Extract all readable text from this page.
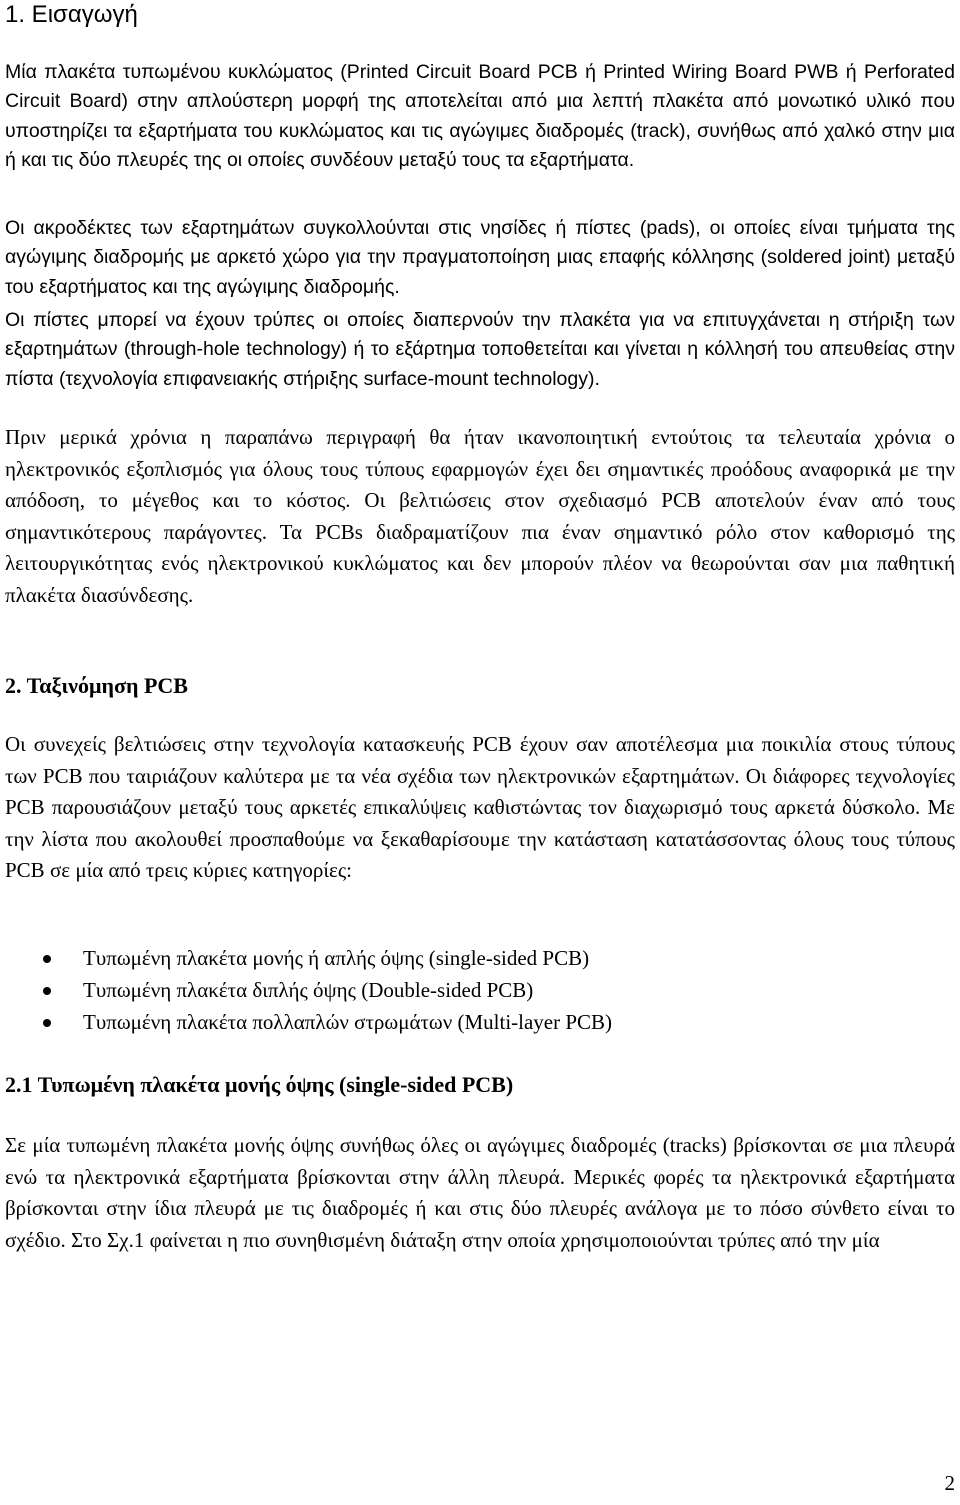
1. Εισαγωγή

Μία πλακέτα τυπωμένου κυκλώματος (Printed Circuit Board PCB ή Printed Wiring Board PWB ή Perforated Circuit Board) στην απλούστερη μορφή της αποτελείται από μια λεπτή πλακέτα από μονωτικό υλικό που υποστηρίζει τα εξαρτήματα του κυκλώματος και τις αγώγιμες διαδρομές (track), συνήθως από χαλκό στην μια ή και τις δύο πλευρές της οι οποίες συνδέουν μεταξύ τους τα εξαρτήματα.

Οι ακροδέκτες των εξαρτημάτων συγκολλούνται στις νησίδες ή πίστες (pads), οι οποίες είναι τμήματα της αγώγιμης διαδρομής με αρκετό χώρο για την πραγματοποίηση μιας επαφής κόλλησης (soldered joint) μεταξύ του εξαρτήματος και της αγώγιμης διαδρομής.

Οι πίστες μπορεί να έχουν τρύπες οι οποίες διαπερνούν την πλακέτα για να επιτυγχάνεται η στήριξη των εξαρτημάτων (through-hole technology) ή το εξάρτημα τοποθετείται και γίνεται η κόλλησή του απευθείας στην πίστα (τεχνολογία επιφανειακής στήριξης surface-mount technology).

Πριν μερικά χρόνια η παραπάνω περιγραφή θα ήταν ικανοποιητική εντούτοις τα τελευταία χρόνια ο ηλεκτρονικός εξοπλισμός για όλους τους τύπους εφαρμογών έχει δει σημαντικές προόδους αναφορικά με την απόδοση, το μέγεθος και το κόστος. Οι βελτιώσεις στον σχεδιασμό PCB αποτελούν έναν από τους σημαντικότερους παράγοντες. Τα PCBs διαδραματίζουν πια έναν σημαντικό ρόλο στον καθορισμό της λειτουργικότητας ενός ηλεκτρονικού κυκλώματος και δεν μπορούν πλέον να θεωρούνται σαν μια παθητική πλακέτα διασύνδεσης.

2. Ταξινόμηση PCB

Οι συνεχείς βελτιώσεις στην τεχνολογία κατασκευής PCB έχουν σαν αποτέλεσμα μια ποικιλία στους τύπους των PCB που ταιριάζουν καλύτερα με τα νέα σχέδια των ηλεκτρονικών εξαρτημάτων. Οι διάφορες τεχνολογίες PCB παρουσιάζουν μεταξύ τους αρκετές επικαλύψεις καθιστώντας τον διαχωρισμό τους αρκετά δύσκολο. Με την λίστα που ακολουθεί προσπαθούμε να ξεκαθαρίσουμε την κατάσταση κατατάσσοντας όλους τους τύπους PCB σε μία από τρεις κύριες κατηγορίες:

Τυπωμένη πλακέτα μονής ή απλής όψης (single-sided PCB)
Τυπωμένη πλακέτα διπλής όψης (Double-sided PCB)
Τυπωμένη πλακέτα πολλαπλών στρωμάτων (Multi-layer PCB)
2.1 Τυπωμένη πλακέτα μονής όψης (single-sided PCB)

Σε μία τυπωμένη πλακέτα μονής όψης συνήθως όλες οι αγώγιμες διαδρομές (tracks) βρίσκονται σε μια πλευρά ενώ τα ηλεκτρονικά εξαρτήματα βρίσκονται στην άλλη πλευρά. Μερικές φορές τα ηλεκτρονικά εξαρτήματα βρίσκονται στην ίδια πλευρά με τις διαδρομές ή και στις δύο πλευρές ανάλογα με το πόσο σύνθετο είναι το σχέδιο. Στο Σχ.1 φαίνεται η πιο συνηθισμένη διάταξη στην οποία χρησιμοποιούνται τρύπες από την μία

2
